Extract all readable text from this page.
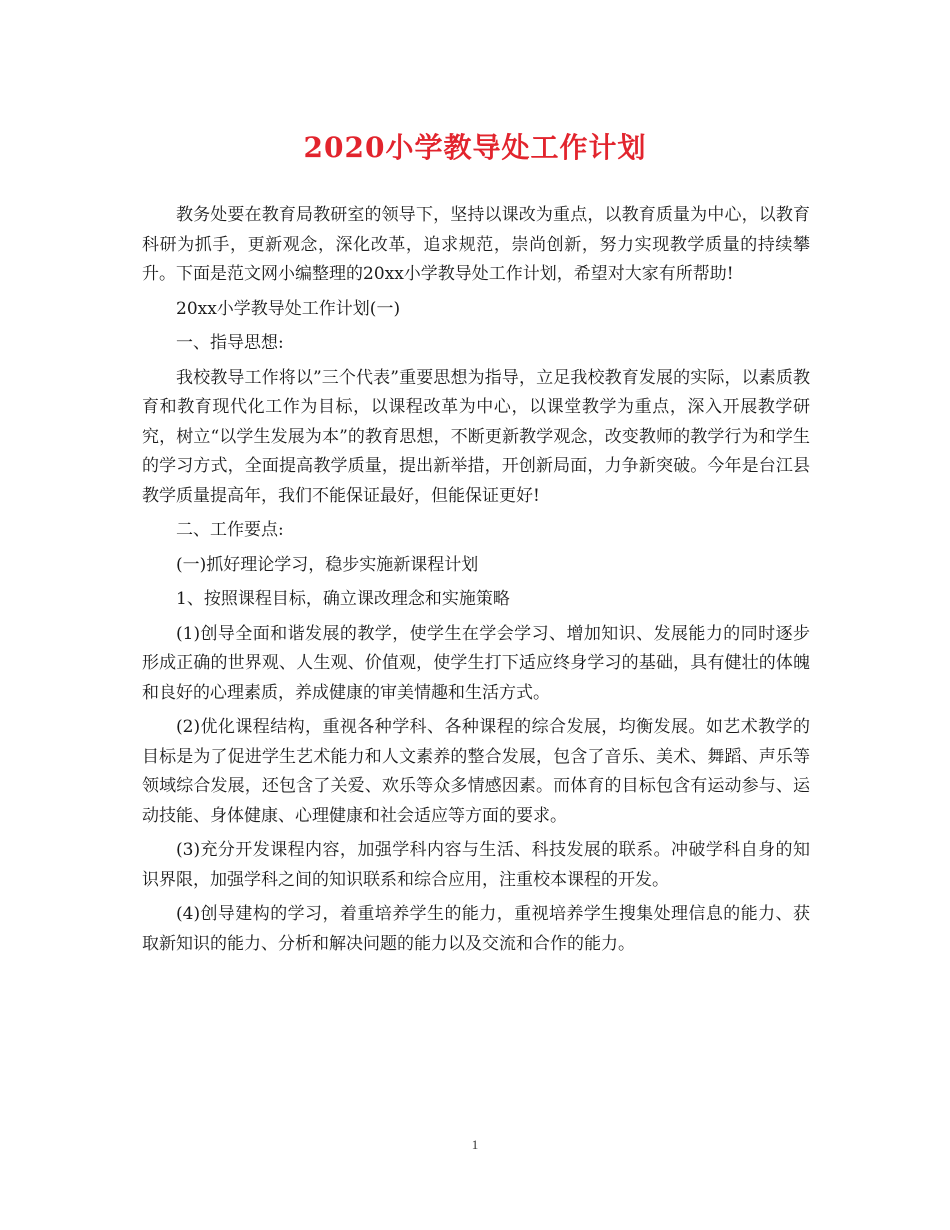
2020小学教导处工作计划

教务处要在教育局教研室的领导下，坚持以课改为重点，以教育质量为中心，以教育科研为抓手，更新观念，深化改革，追求规范，崇尚创新，努力实现教学质量的持续攀升。下面是范文网小编整理的20xx小学教导处工作计划，希望对大家有所帮助!

20xx小学教导处工作计划(一)

一、指导思想:

我校教导工作将以”三个代表”重要思想为指导，立足我校教育发展的实际，以素质教育和教育现代化工作为目标，以课程改革为中心，以课堂教学为重点，深入开展教学研究，树立“以学生发展为本”的教育思想，不断更新教学观念，改变教师的教学行为和学生的学习方式，全面提高教学质量，提出新举措，开创新局面，力争新突破。今年是台江县教学质量提高年，我们不能保证最好，但能保证更好!

二、工作要点:

(一)抓好理论学习，稳步实施新课程计划

1、按照课程目标，确立课改理念和实施策略

(1)创导全面和谐发展的教学，使学生在学会学习、增加知识、发展能力的同时逐步形成正确的世界观、人生观、价值观，使学生打下适应终身学习的基础，具有健壮的体魄和良好的心理素质，养成健康的审美情趣和生活方式。

(2)优化课程结构，重视各种学科、各种课程的综合发展，均衡发展。如艺术教学的目标是为了促进学生艺术能力和人文素养的整合发展，包含了音乐、美术、舞蹈、声乐等领域综合发展，还包含了关爱、欢乐等众多情感因素。而体育的目标包含有运动参与、运动技能、身体健康、心理健康和社会适应等方面的要求。

(3)充分开发课程内容，加强学科内容与生活、科技发展的联系。冲破学科自身的知识界限，加强学科之间的知识联系和综合应用，注重校本课程的开发。

(4)创导建构的学习，着重培养学生的能力，重视培养学生搜集处理信息的能力、获取新知识的能力、分析和解决问题的能力以及交流和合作的能力。

1
